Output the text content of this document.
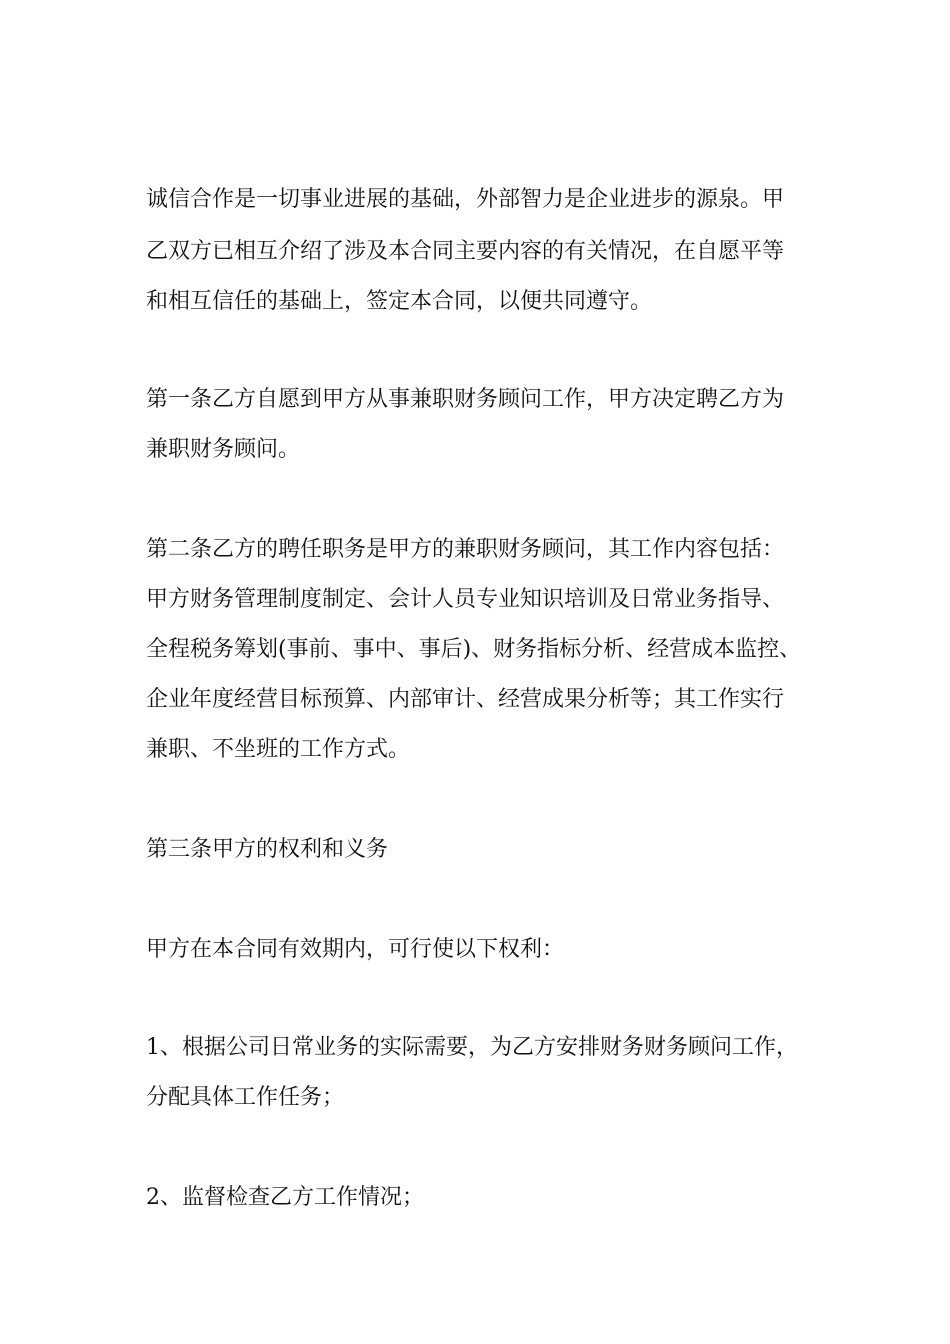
诚信合作是一切事业进展的基础，外部智力是企业进步的源泉。甲
乙双方已相互介绍了涉及本合同主要内容的有关情况，在自愿平等
和相互信任的基础上，签定本合同，以便共同遵守。
第一条乙方自愿到甲方从事兼职财务顾问工作，甲方决定聘乙方为
兼职财务顾问。
第二条乙方的聘任职务是甲方的兼职财务顾问，其工作内容包括：
甲方财务管理制度制定、会计人员专业知识培训及日常业务指导、
全程税务筹划(事前、事中、事后)、财务指标分析、经营成本监控、
企业年度经营目标预算、内部审计、经营成果分析等；其工作实行
兼职、不坐班的工作方式。
第三条甲方的权利和义务
甲方在本合同有效期内，可行使以下权利：
1、根据公司日常业务的实际需要，为乙方安排财务财务顾问工作，
分配具体工作任务；
2、监督检查乙方工作情况；
